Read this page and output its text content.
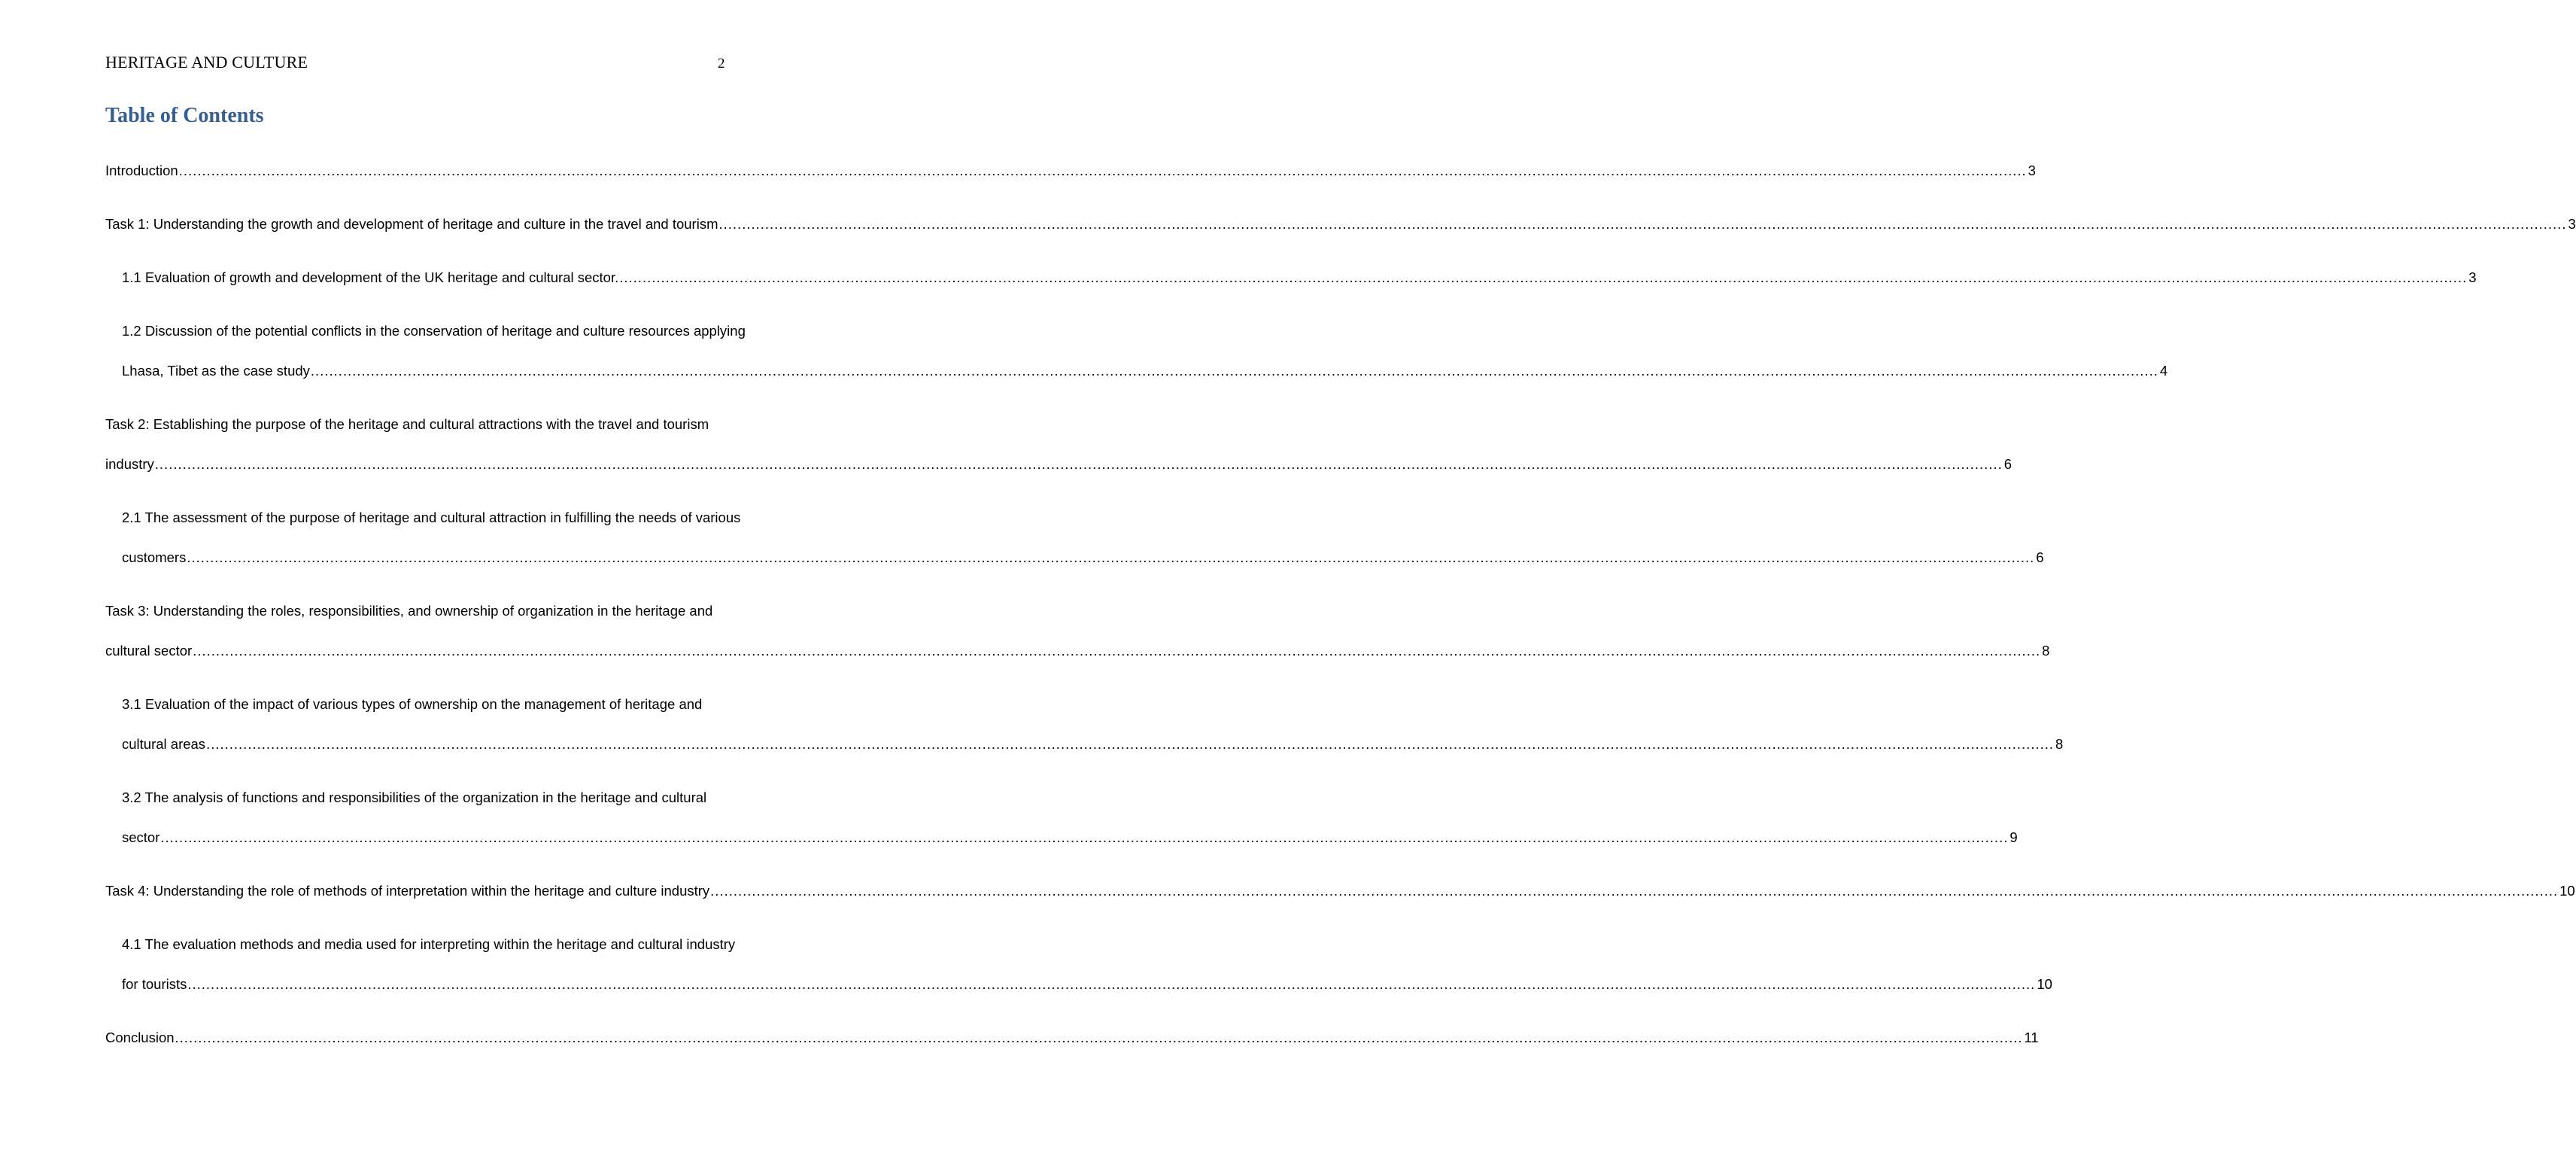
HERITAGE AND CULTURE	2
Table of Contents
Introduction ................................................................................................................................................................................................................................................................................................................................................................................................................ 3
Task 1: Understanding the growth and development of heritage and culture in the travel and tourism ................................................................................................................................................................................................................................................................................................................................................................................................................ 3
1.1 Evaluation of growth and development of the UK heritage and cultural sector. ................................................................................................................................................................................................................................................................................................................................................................................................................ 3
1.2 Discussion of the potential conflicts in the conservation of heritage and culture resources applying
Lhasa, Tibet as the case study ................................................................................................................................................................................................................................................................................................................................................................................................................ 4
Task 2: Establishing the purpose of the heritage and cultural attractions with the travel and tourism
industry ................................................................................................................................................................................................................................................................................................................................................................................................................ 6
2.1 The assessment of the purpose of heritage and cultural attraction in fulfilling the needs of various
customers ................................................................................................................................................................................................................................................................................................................................................................................................................ 6
Task 3: Understanding the roles, responsibilities, and ownership of organization in the heritage and
cultural sector ................................................................................................................................................................................................................................................................................................................................................................................................................ 8
3.1 Evaluation of the impact of various types of ownership on the management of heritage and
cultural areas ................................................................................................................................................................................................................................................................................................................................................................................................................ 8
3.2 The analysis of functions and responsibilities of the organization in the heritage and cultural
sector ................................................................................................................................................................................................................................................................................................................................................................................................................ 9
Task 4: Understanding the role of methods of interpretation within the heritage and culture industry ................................................................................................................................................................................................................................................................................................................................................................................................................ 10
4.1 The evaluation methods and media used for interpreting within the heritage and cultural industry
for tourists ................................................................................................................................................................................................................................................................................................................................................................................................................ 10
Conclusion ................................................................................................................................................................................................................................................................................................................................................................................................................ 11
